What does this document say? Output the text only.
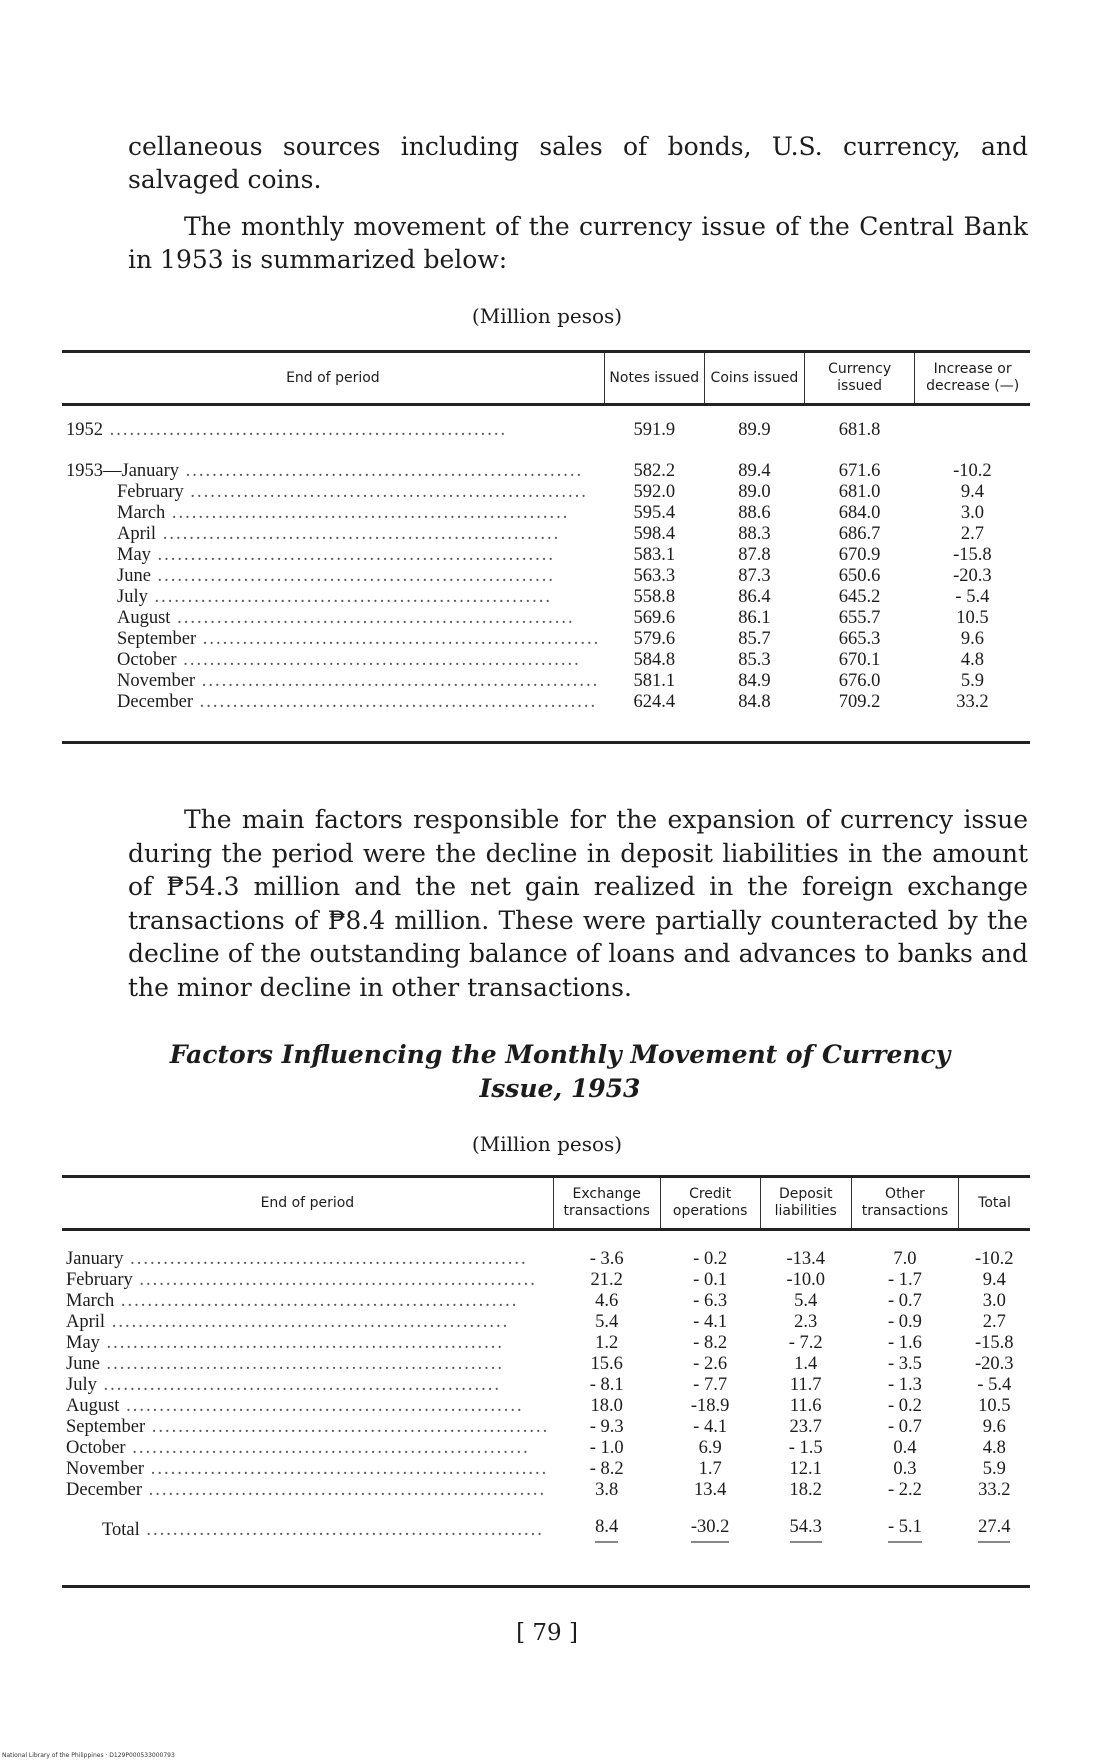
cellaneous sources including sales of bonds, U.S. currency, and salvaged coins.

The monthly movement of the currency issue of the Central Bank in 1953 is summarized below:

(Million pesos)
End of period	Notes issued	Coins issued	Currency issued	Increase or decrease (—)

1952 ............................................................	591.9	89.9	681.8	

1953—January ............................................................	582.2	89.4	671.6	-10.2
February ............................................................	592.0	89.0	681.0	9.4
March ............................................................	595.4	88.6	684.0	3.0
April ............................................................	598.4	88.3	686.7	2.7
May ............................................................	583.1	87.8	670.9	-15.8
June ............................................................	563.3	87.3	650.6	-20.3
July ............................................................	558.8	86.4	645.2	- 5.4
August ............................................................	569.6	86.1	655.7	10.5
September ............................................................	579.6	85.7	665.3	9.6
October ............................................................	584.8	85.3	670.1	4.8
November ............................................................	581.1	84.9	676.0	5.9
December ............................................................	624.4	84.8	709.2	33.2

The main factors responsible for the expansion of currency issue during the period were the decline in deposit liabilities in the amount of ₱54.3 million and the net gain realized in the foreign exchange transactions of ₱8.4 million. These were partially counteracted by the decline of the outstanding balance of loans and advances to banks and the minor decline in other transactions.

Factors Influencing the Monthly Movement of Currency Issue, 1953

(Million pesos)
End of period	Exchange transactions	Credit operations	Deposit liabilities	Other transactions	Total

January ............................................................	- 3.6	- 0.2	-13.4	7.0	-10.2
February ............................................................	21.2	- 0.1	-10.0	- 1.7	9.4
March ............................................................	4.6	- 6.3	5.4	- 0.7	3.0
April ............................................................	5.4	- 4.1	2.3	- 0.9	2.7
May ............................................................	1.2	- 8.2	- 7.2	- 1.6	-15.8
June ............................................................	15.6	- 2.6	1.4	- 3.5	-20.3
July ............................................................	- 8.1	- 7.7	11.7	- 1.3	- 5.4
August ............................................................	18.0	-18.9	11.6	- 0.2	10.5
September ............................................................	- 9.3	- 4.1	23.7	- 0.7	9.6
October ............................................................	- 1.0	6.9	- 1.5	0.4	4.8
November ............................................................	- 8.2	1.7	12.1	0.3	5.9
December ............................................................	3.8	13.4	18.2	- 2.2	33.2

Total ............................................................	8.4	-30.2	54.3	- 5.1	27.4
[ 79 ]
National Library of the Philippines · D129P000533000793
